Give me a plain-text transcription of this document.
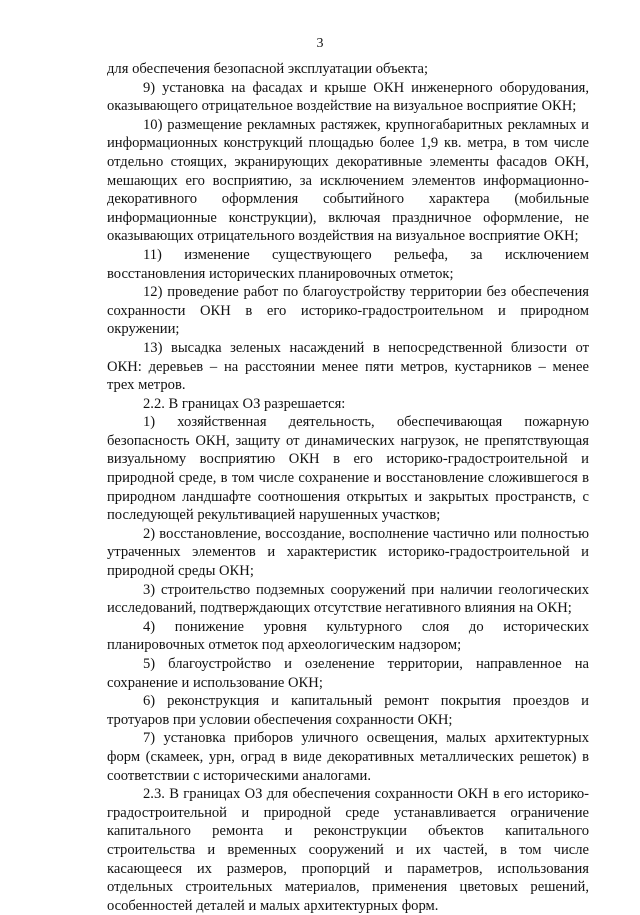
3

для обеспечения безопасной эксплуатации объекта;

9) установка на фасадах и крыше ОКН инженерного оборудования, оказывающего отрицательное воздействие на визуальное восприятие ОКН;

10) размещение рекламных растяжек, крупногабаритных рекламных и информационных конструкций площадью более 1,9 кв. метра, в том числе отдельно стоящих, экранирующих декоративные элементы фасадов ОКН, мешающих его восприятию, за исключением элементов информационно-декоративного оформления событийного характера (мобильные информационные конструкции), включая праздничное оформление, не оказывающих отрицательного воздействия на визуальное восприятие ОКН;

11) изменение существующего рельефа, за исключением восстановления исторических планировочных отметок;

12) проведение работ по благоустройству территории без обеспечения сохранности ОКН в его историко-градостроительном и природном окружении;

13) высадка зеленых насаждений в непосредственной близости от ОКН: деревьев – на расстоянии менее пяти метров, кустарников – менее трех метров.

2.2. В границах ОЗ разрешается:

1) хозяйственная деятельность, обеспечивающая пожарную безопасность ОКН, защиту от динамических нагрузок, не препятствующая визуальному восприятию ОКН в его историко-градостроительной и природной среде, в том числе сохранение и восстановление сложившегося в природном ландшафте соотношения открытых и закрытых пространств, с последующей рекультивацией нарушенных участков;

2) восстановление, воссоздание, восполнение частично или полностью утраченных элементов и характеристик историко-градостроительной и природной среды ОКН;

3) строительство подземных сооружений при наличии геологических исследований, подтверждающих отсутствие негативного влияния на ОКН;

4) понижение уровня культурного слоя до исторических планировочных отметок под археологическим надзором;

5) благоустройство и озеленение территории, направленное на сохранение и использование ОКН;

6) реконструкция и капитальный ремонт покрытия проездов и тротуаров при условии обеспечения сохранности ОКН;

7) установка приборов уличного освещения, малых архитектурных форм (скамеек, урн, оград в виде декоративных металлических решеток) в соответствии с историческими аналогами.

2.3. В границах ОЗ для обеспечения сохранности ОКН в его историко-градостроительной и природной среде устанавливается ограничение капитального ремонта и реконструкции объектов капитального строительства и временных сооружений и их частей, в том числе касающееся их размеров, пропорций и параметров, использования отдельных строительных материалов, применения цветовых решений, особенностей деталей и малых архитектурных форм.
